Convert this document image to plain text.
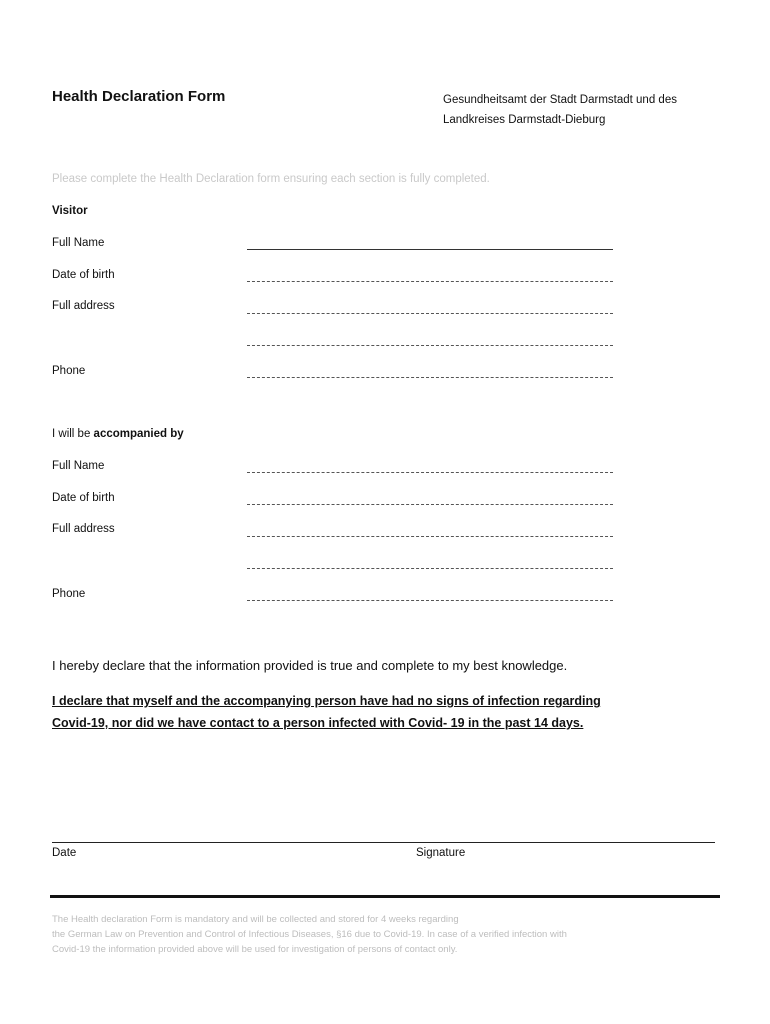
Health Declaration Form	Gesundheitsamt der Stadt Darmstadt und des
Landkreises Darmstadt-Dieburg
Please complete the Health Declaration form ensuring each section is fully completed.
Visitor
Full Name
Date of birth
Full address
Phone
I will be accompanied by
Full Name
Date of birth
Full address
Phone
I hereby declare that the information provided is true and complete to my best knowledge.
I declare that myself and the accompanying person have had no signs of infection regarding
Covid-19, nor did we have contact to a person infected with Covid- 19 in the past 14 days.
Date	Signature
The Health declaration Form is mandatory and will be collected and stored for 4 weeks regarding
the German Law on Prevention and Control of Infectious Diseases, §16 due to Covid-19. In case of a verified infection with
Covid-19 the information provided above will be used for investigation of persons of contact only.
